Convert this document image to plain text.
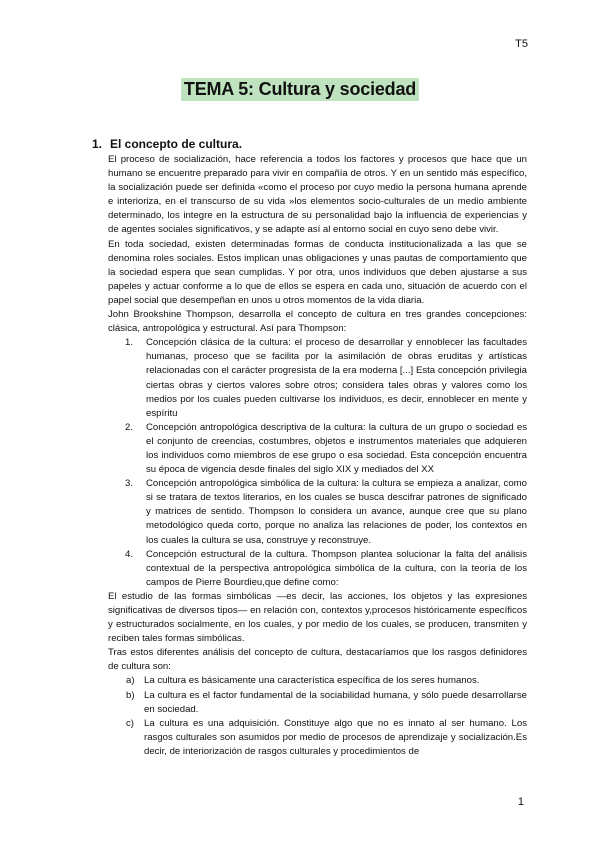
T5
TEMA 5: Cultura y sociedad
1. El concepto de cultura.

El proceso de socialización, hace referencia a todos los factores y procesos que hace que un humano se encuentre preparado para vivir en compañía de otros. Y en un sentido más específico, la socialización puede ser definida «como el proceso por cuyo medio la persona humana aprende e interioriza, en el transcurso de su vida »los elementos socio-culturales de un medio ambiente determinado, los integre en la estructura de su personalidad bajo la influencia de experiencias y de agentes sociales significativos, y se adapte así al entorno social en cuyo seno debe vivir.

En toda sociedad, existen determinadas formas de conducta institucionalizada a las que se denomina roles sociales. Estos implican unas obligaciones y unas pautas de comportamiento que la sociedad espera que sean cumplidas. Y por otra, unos individuos que deben ajustarse a sus papeles y actuar conforme a lo que de ellos se espera en cada uno, situación de acuerdo con el papel social que desempeñan en unos u otros momentos de la vida diaria.

John Brookshine Thompson, desarrolla el concepto de cultura en tres grandes concepciones: clásica, antropológica y estructural. Así para Thompson:

1. Concepción clásica de la cultura: el proceso de desarrollar y ennoblecer las facultades humanas, proceso que se facilita por la asimilación de obras eruditas y artísticas relacionadas con el carácter progresista de la era moderna [...] Esta concepción privilegia ciertas obras y ciertos valores sobre otros; considera tales obras y valores como los medios por los cuales pueden cultivarse los individuos, es decir, ennoblecer en mente y espíritu
2. Concepción antropológica descriptiva de la cultura: la cultura de un grupo o sociedad es el conjunto de creencias, costumbres, objetos e instrumentos materiales que adquieren los individuos como miembros de ese grupo o esa sociedad. Esta concepción encuentra su época de vigencia desde finales del siglo XIX y mediados del XX
3. Concepción antropológica simbólica de la cultura: la cultura se empieza a analizar, como si se tratara de textos literarios, en los cuales se busca descifrar patrones de significado y matrices de sentido. Thompson lo considera un avance, aunque cree que su plano metodológico queda corto, porque no analiza las relaciones de poder, los contextos en los cuales la cultura se usa, construye y reconstruye.
4. Concepción estructural de la cultura. Thompson plantea solucionar la falta del análisis contextual de la perspectiva antropológica simbólica de la cultura, con la teoría de los campos de Pierre Bourdieu,que define como:

El estudio de las formas simbólicas —es decir, las acciones, los objetos y las expresiones significativas de diversos tipos— en relación con, contextos y,procesos históricamente específicos y estructurados socialmente, en los cuales, y por medio de los cuales, se producen, transmiten y reciben tales formas simbólicas.

Tras estos diferentes análisis del concepto de cultura, destacaríamos que los rasgos definidores de cultura son:

a) La cultura es básicamente una característica específica de los seres humanos.
b) La cultura es el factor fundamental de la sociabilidad humana, y sólo puede desarrollarse en sociedad.
c) La cultura es una adquisición. Constituye algo que no es innato al ser humano. Los rasgos culturales son asumidos por medio de procesos de aprendizaje y socialización.Es decir, de interiorización de rasgos culturales y procedimientos de
1
